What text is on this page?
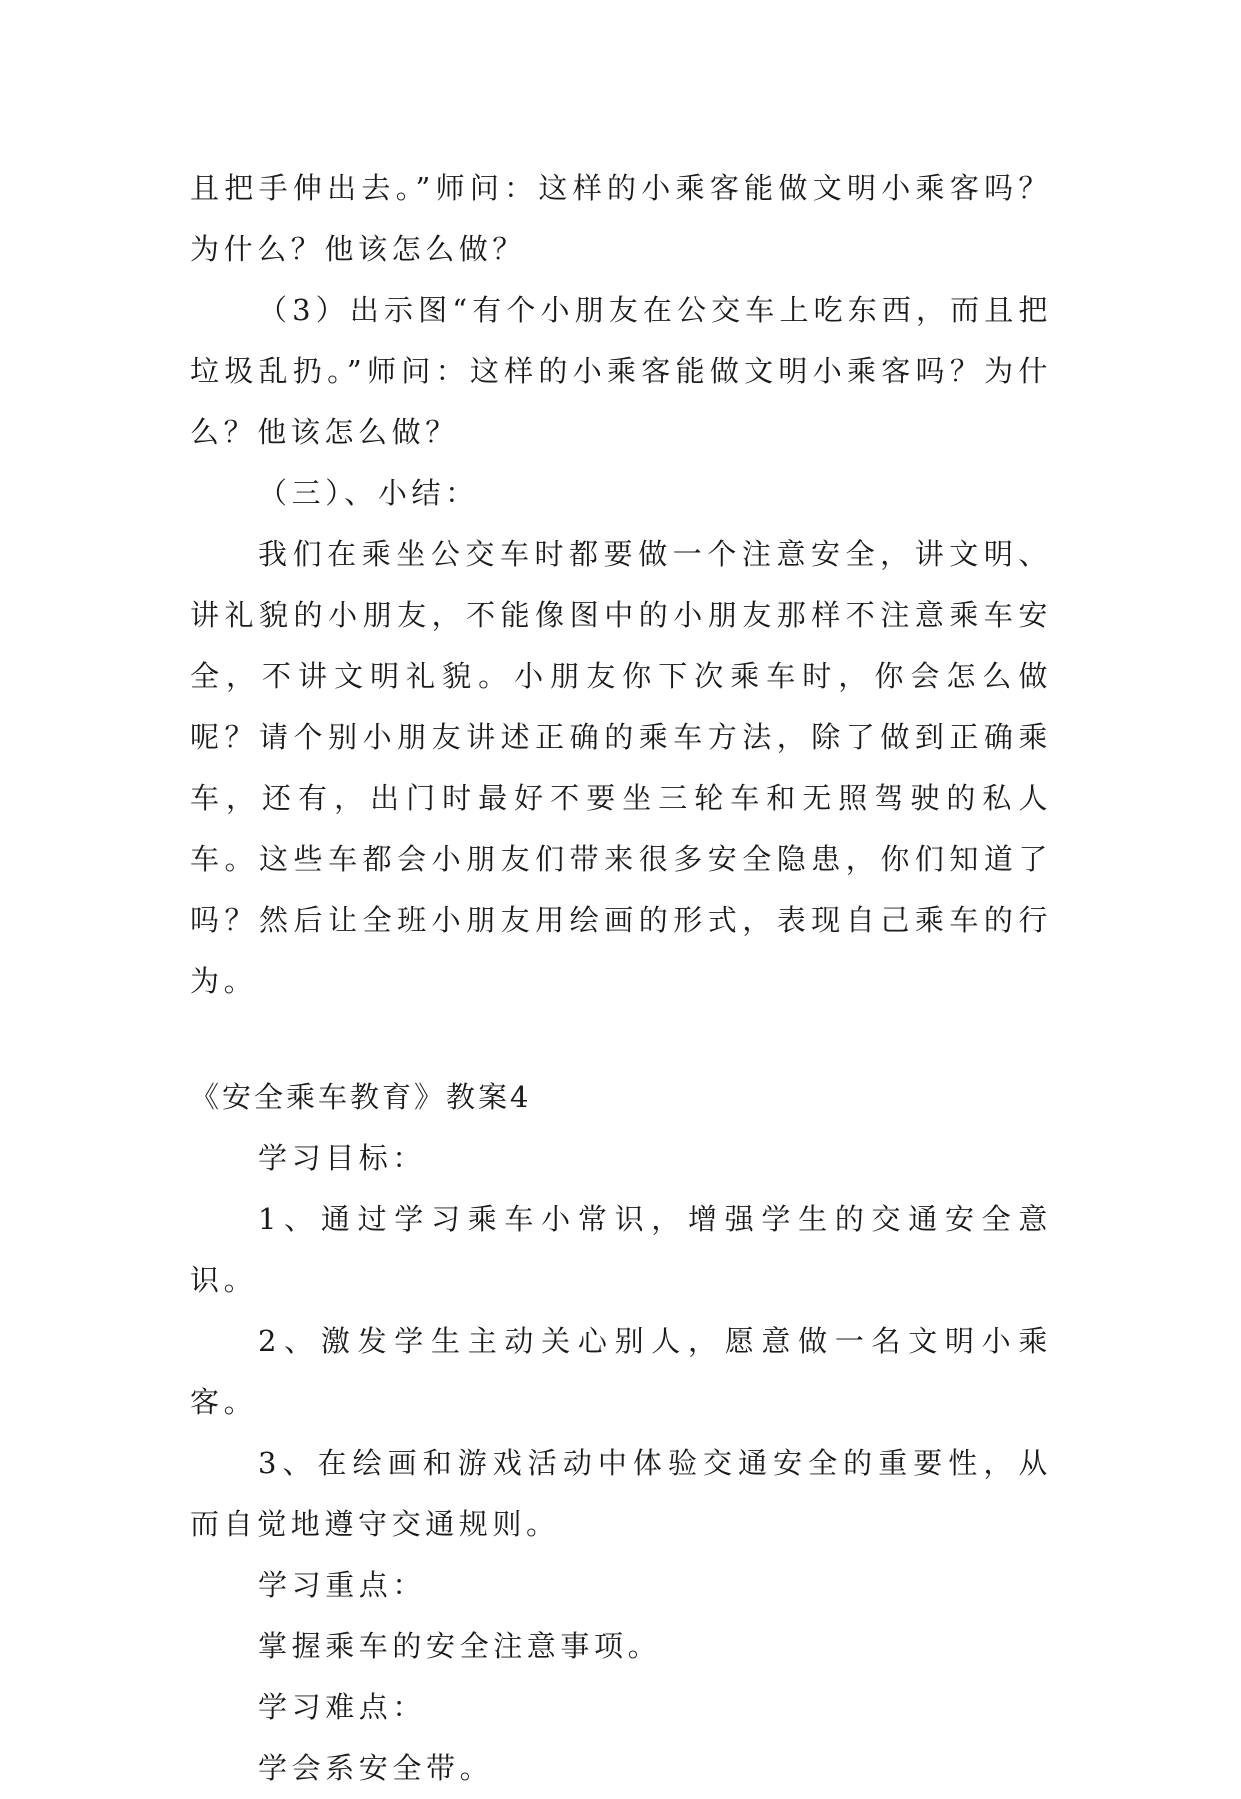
且把手伸出去。”师问：这样的小乘客能做文明小乘客吗？为什么？他该怎么做？

（3）出示图“有个小朋友在公交车上吃东西，而且把垃圾乱扔。”师问：这样的小乘客能做文明小乘客吗？为什么？他该怎么做？

（三）、小结：

我们在乘坐公交车时都要做一个注意安全，讲文明、讲礼貌的小朋友，不能像图中的小朋友那样不注意乘车安全，不讲文明礼貌。小朋友你下次乘车时，你会怎么做呢？请个别小朋友讲述正确的乘车方法，除了做到正确乘车，还有，出门时最好不要坐三轮车和无照驾驶的私人车。这些车都会小朋友们带来很多安全隐患，你们知道了吗？然后让全班小朋友用绘画的形式，表现自己乘车的行为。

《安全乘车教育》教案4

学习目标：

1、通过学习乘车小常识，增强学生的交通安全意识。

2、激发学生主动关心别人，愿意做一名文明小乘客。

3、在绘画和游戏活动中体验交通安全的重要性，从而自觉地遵守交通规则。

学习重点：

掌握乘车的安全注意事项。

学习难点：

学会系安全带。
